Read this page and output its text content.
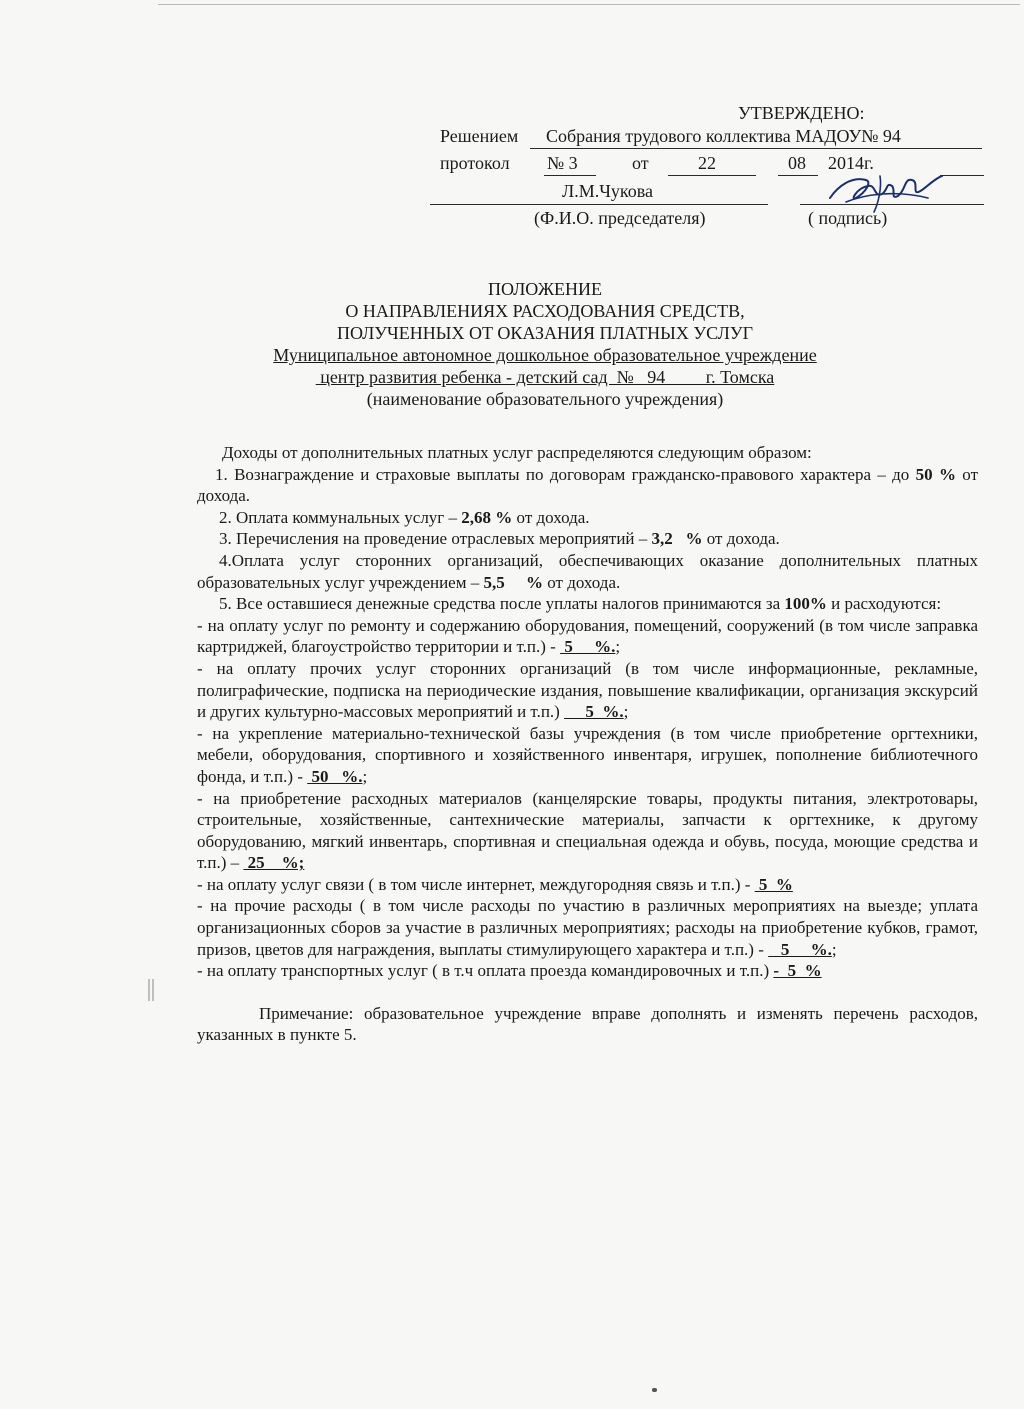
УТВЕРЖДЕНО:
Решением Собрания трудового коллектива МАДОУ№ 94
протокол № 3	от	22	08 2014г.
Л.М.Чукова
(Ф.И.О. председателя)	( подпись)
ПОЛОЖЕНИЕ
О НАПРАВЛЕНИЯХ РАСХОДОВАНИЯ СРЕДСТВ,
ПОЛУЧЕННЫХ ОТ ОКАЗАНИЯ ПЛАТНЫХ УСЛУГ
Муниципальное автономное дошкольное образовательное учреждение
центр развития ребенка - детский сад  №   94         г. Томска
(наименование образовательного учреждения)

Доходы от дополнительных платных услуг распределяются следующим образом:

1. Вознаграждение и страховые выплаты по договорам гражданско-правового характера – до 50 % от дохода.

2. Оплата коммунальных услуг – 2,68 % от дохода.

3. Перечисления на проведение отраслевых мероприятий – 3,2   % от дохода.

4.Оплата услуг сторонних организаций, обеспечивающих оказание дополнительных платных образовательных услуг учреждением – 5,5     % от дохода.

5. Все оставшиеся денежные средства после уплаты налогов принимаются за 100% и расходуются:

- на оплату услуг по ремонту и содержанию оборудования, помещений, сооружений (в том числе заправка картриджей, благоустройство территории и т.п.) -  5     %.;

- на оплату прочих услуг сторонних организаций (в том числе информационные, рекламные, полиграфические, подписка на периодические издания, повышение квалификации, организация экскурсий и других культурно-массовых мероприятий и т.п.)      5  %.;

- на укрепление материально-технической базы учреждения (в том числе приобретение оргтехники, мебели, оборудования, спортивного и хозяйственного инвентаря, игрушек, пополнение библиотечного фонда, и т.п.) -  50   %.;

- на приобретение расходных материалов (канцелярские товары, продукты питания, электротовары, строительные, хозяйственные, сантехнические материалы, запчасти к оргтехнике, к другому оборудованию, мягкий инвентарь, спортивная и специальная одежда и обувь, посуда, моющие средства и т.п.) –  25    %;

- на оплату услуг связи ( в том числе интернет, междугородняя связь и т.п.) -  5  %

- на прочие расходы ( в том числе расходы по участию в различных мероприятиях на выезде; уплата организационных сборов за участие в различных мероприятиях; расходы на приобретение кубков, грамот, призов, цветов для награждения, выплаты стимулирующего характера и т.п.) -    5     %.;

- на оплату транспортных услуг ( в т.ч оплата проезда командировочных и т.п.) -  5  %

Примечание: образовательное учреждение вправе дополнять и изменять перечень расходов, указанных в пункте 5.
